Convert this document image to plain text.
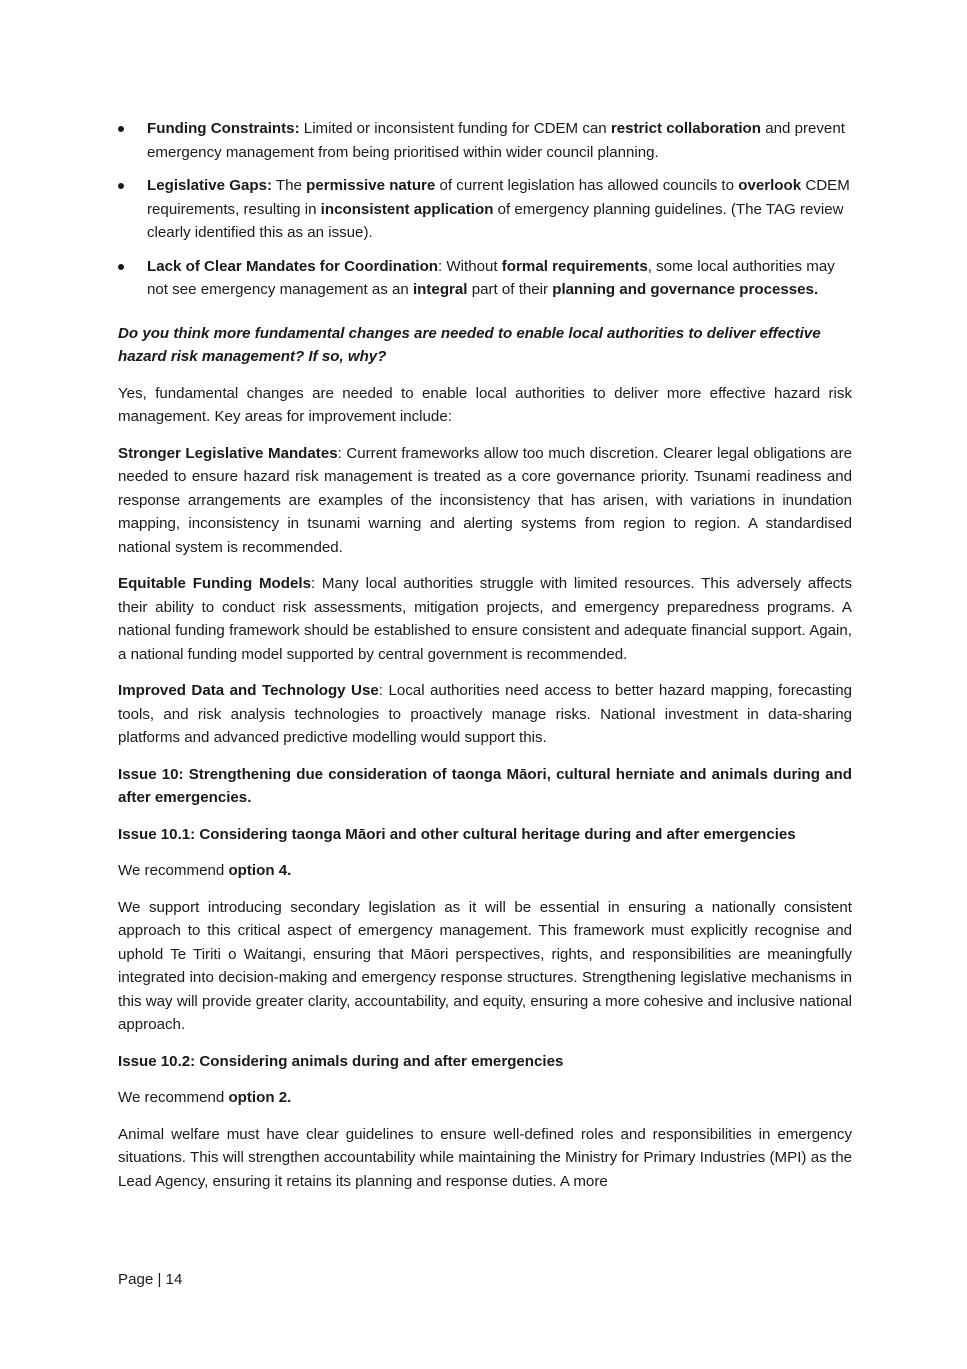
Funding Constraints: Limited or inconsistent funding for CDEM can restrict collaboration and prevent emergency management from being prioritised within wider council planning.
Legislative Gaps: The permissive nature of current legislation has allowed councils to overlook CDEM requirements, resulting in inconsistent application of emergency planning guidelines. (The TAG review clearly identified this as an issue).
Lack of Clear Mandates for Coordination: Without formal requirements, some local authorities may not see emergency management as an integral part of their planning and governance processes.

Do you think more fundamental changes are needed to enable local authorities to deliver effective hazard risk management? If so, why?

Yes, fundamental changes are needed to enable local authorities to deliver more effective hazard risk management. Key areas for improvement include:

Stronger Legislative Mandates: Current frameworks allow too much discretion. Clearer legal obligations are needed to ensure hazard risk management is treated as a core governance priority. Tsunami readiness and response arrangements are examples of the inconsistency that has arisen, with variations in inundation mapping, inconsistency in tsunami warning and alerting systems from region to region. A standardised national system is recommended.

Equitable Funding Models: Many local authorities struggle with limited resources. This adversely affects their ability to conduct risk assessments, mitigation projects, and emergency preparedness programs. A national funding framework should be established to ensure consistent and adequate financial support. Again, a national funding model supported by central government is recommended.

Improved Data and Technology Use: Local authorities need access to better hazard mapping, forecasting tools, and risk analysis technologies to proactively manage risks. National investment in data-sharing platforms and advanced predictive modelling would support this.

Issue 10: Strengthening due consideration of taonga Māori, cultural herniate and animals during and after emergencies.

Issue 10.1: Considering taonga Māori and other cultural heritage during and after emergencies

We recommend option 4.

We support introducing secondary legislation as it will be essential in ensuring a nationally consistent approach to this critical aspect of emergency management. This framework must explicitly recognise and uphold Te Tiriti o Waitangi, ensuring that Māori perspectives, rights, and responsibilities are meaningfully integrated into decision-making and emergency response structures. Strengthening legislative mechanisms in this way will provide greater clarity, accountability, and equity, ensuring a more cohesive and inclusive national approach.

Issue 10.2: Considering animals during and after emergencies

We recommend option 2.

Animal welfare must have clear guidelines to ensure well-defined roles and responsibilities in emergency situations. This will strengthen accountability while maintaining the Ministry for Primary Industries (MPI) as the Lead Agency, ensuring it retains its planning and response duties. A more

Page | 14
